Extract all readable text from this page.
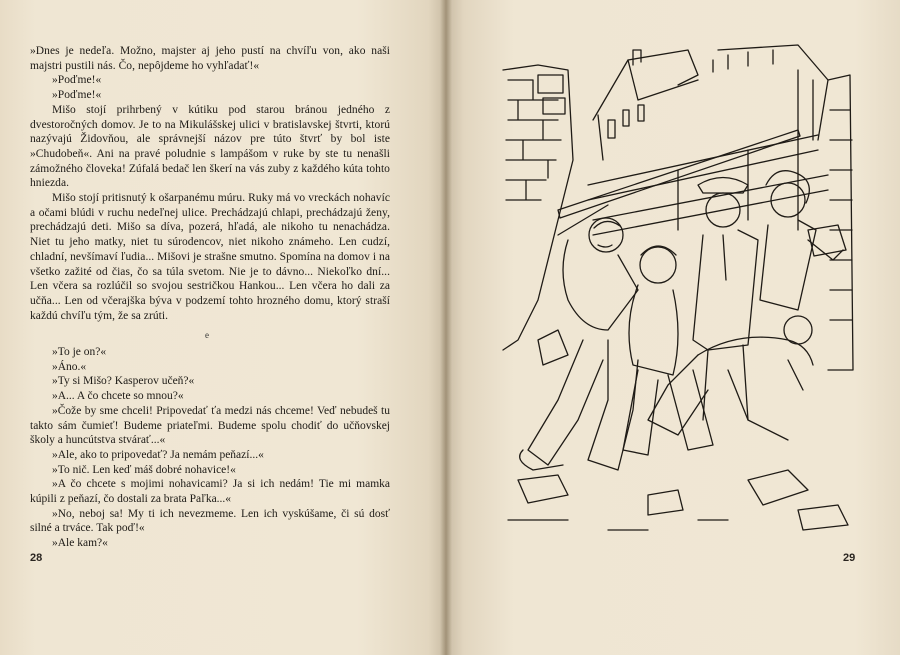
»Dnes je nedeľa. Možno, majster aj jeho pustí na chvíľu von, ako naši majstri pustili nás. Čo, nepôjdeme ho vyhľadať!«

»Poďme!«

»Poďme!«

Mišo stojí prihrbený v kútiku pod starou bránou jedného z dvestoročných domov. Je to na Mikulášskej ulici v bratislavskej štvrti, ktorú nazývajú Židovňou, ale správnejší názov pre túto štvrť by bol iste »Chudobeň«. Ani na pravé poludnie s lampášom v ruke by ste tu nenašli zámožného človeka! Zúfalá bedač len škerí na vás zuby z každého kúta tohto hniezda.

Mišo stojí pritisnutý k ošarpanému múru. Ruky má vo vreckách nohavíc a očami blúdi v ruchu nedeľnej ulice. Prechádzajú chlapi, prechádzajú ženy, prechádzajú deti. Mišo sa díva, pozerá, hľadá, ale nikoho tu nenachádza. Niet tu jeho matky, niet tu súrodencov, niet nikoho známeho. Len cudzí, chladní, nevšímaví ľudia... Mišovi je strašne smutno. Spomína na domov i na všetko zažité od čias, čo sa túla svetom. Nie je to dávno... Niekoľko dní... Len včera sa rozlúčil so svojou sestričkou Hankou... Len včera ho dali za učňa... Len od včerajška býva v podzemí tohto hrozného domu, ktorý straší každú chvíľu tým, že sa zrúti.

e

»To je on?«

»Áno.«

»Ty si Mišo? Kasperov učeň?«

»A... A čo chcete so mnou?«

»Čože by sme chceli! Pripovedať ťa medzi nás chceme! Veď nebudeš tu takto sám čumieť! Budeme priateľmi. Budeme spolu chodiť do učňovskej školy a huncútstva stvárať...«

»Ale, ako to pripovedať? Ja nemám peňazí...«

»To nič. Len keď máš dobré nohavice!«

»A čo chcete s mojimi nohavicami? Ja si ich nedám! Tie mi mamka kúpili z peňazí, čo dostali za brata Paľka...«

»No, neboj sa! My ti ich nevezmeme. Len ich vyskúšame, či sú dosť silné a trváce. Tak poď!«

»Ale kam?«

28	29
